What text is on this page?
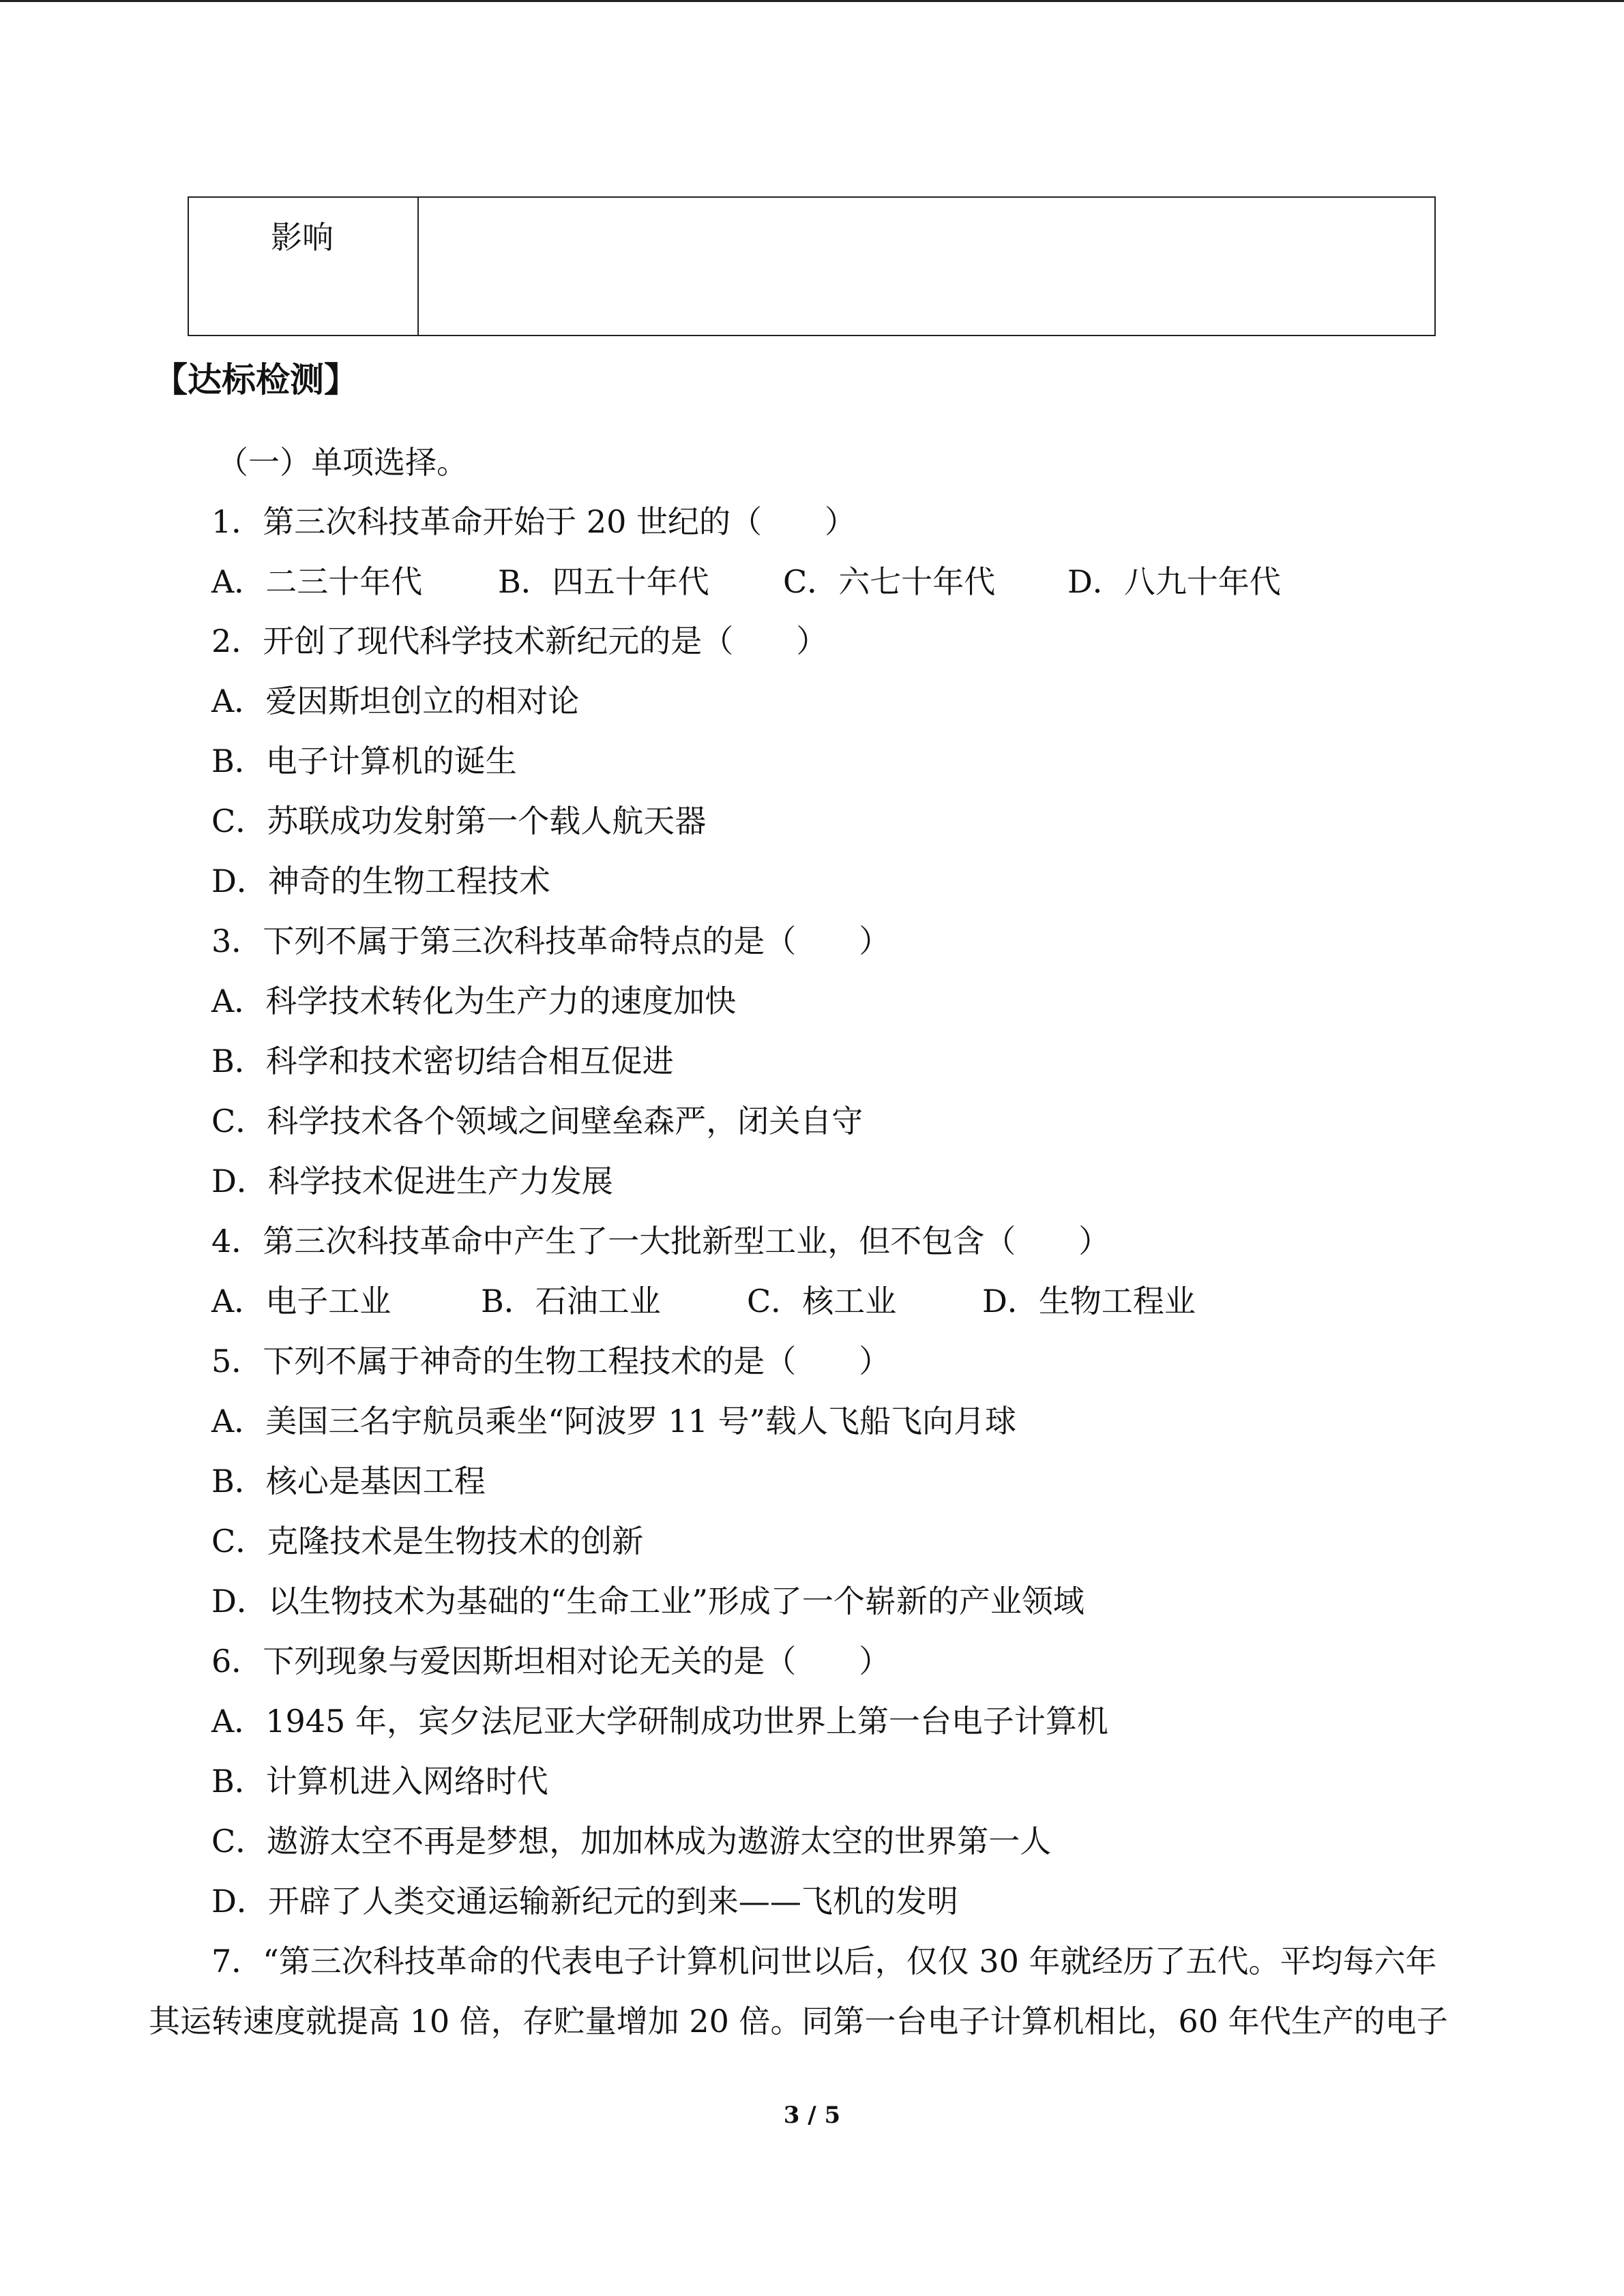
影响
【达标检测】
（一）单项选择。
1．第三次科技革命开始于 20 世纪的（　　）
A．二三十年代 B．四五十年代 C．六七十年代 D．八九十年代
2．开创了现代科学技术新纪元的是（　　）
A．爱因斯坦创立的相对论
B．电子计算机的诞生
C．苏联成功发射第一个载人航天器
D．神奇的生物工程技术
3．下列不属于第三次科技革命特点的是（　　）
A．科学技术转化为生产力的速度加快
B．科学和技术密切结合相互促进
C．科学技术各个领域之间壁垒森严，闭关自守
D．科学技术促进生产力发展
4．第三次科技革命中产生了一大批新型工业，但不包含（　　）
A．电子工业	B．石油工业	C．核工业	D．生物工程业
5．下列不属于神奇的生物工程技术的是（　　）
A．美国三名宇航员乘坐“阿波罗 11 号”载人飞船飞向月球
B．核心是基因工程
C．克隆技术是生物技术的创新
D．以生物技术为基础的“生命工业”形成了一个崭新的产业领域
6．下列现象与爱因斯坦相对论无关的是（　　）
A．1945 年，宾夕法尼亚大学研制成功世界上第一台电子计算机
B．计算机进入网络时代
C．遨游太空不再是梦想，加加林成为遨游太空的世界第一人
D．开辟了人类交通运输新纪元的到来——飞机的发明
7．“第三次科技革命的代表电子计算机问世以后，仅仅 30 年就经历了五代。平均每六年
其运转速度就提高 10 倍，存贮量增加 20 倍。同第一台电子计算机相比，60 年代生产的电子
3 / 5
